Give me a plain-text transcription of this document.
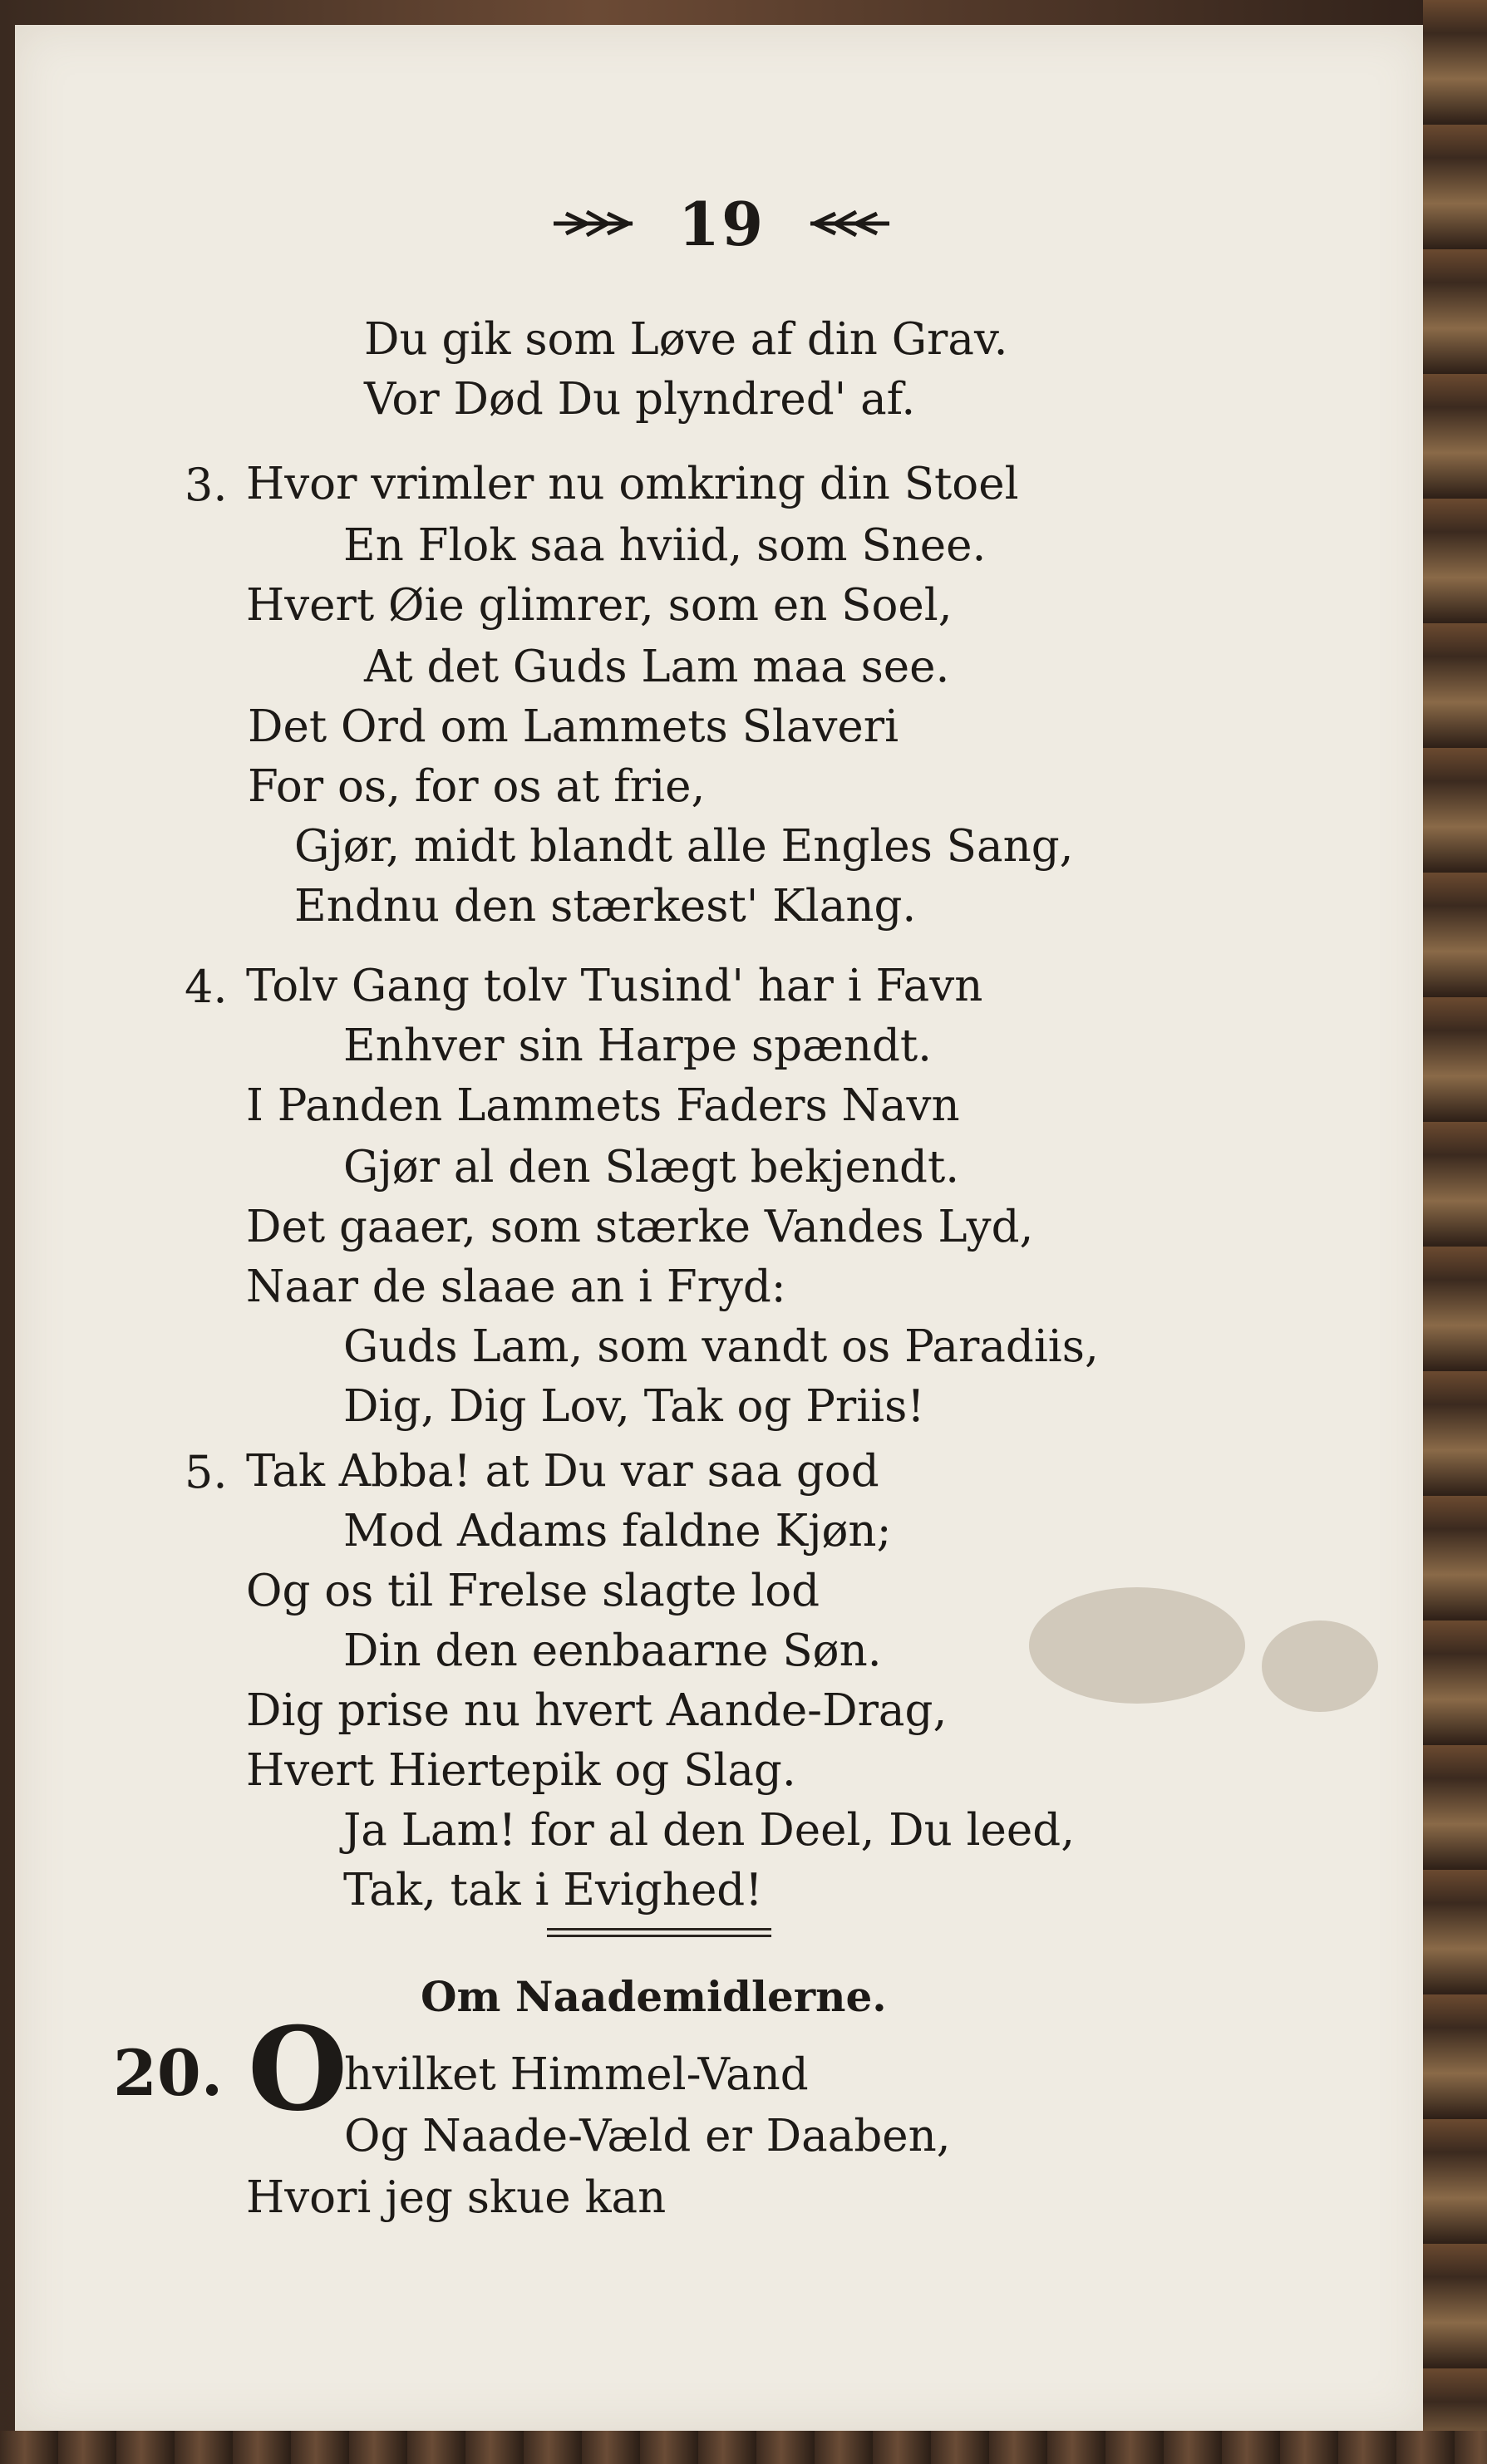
19
Du gik som Løve af din Grav.
Vor Død Du plyndred' af.
3. Hvor vrimler nu omkring din Stoel
En Flok saa hviid, som Snee.
Hvert Øie glimrer, som en Soel,
At det Guds Lam maa see.
Det Ord om Lammets Slaveri
For os, for os at frie,
Gjør, midt blandt alle Engles Sang,
Endnu den stærkest' Klang.
4. Tolv Gang tolv Tusind' har i Favn
Enhver sin Harpe spændt.
I Panden Lammets Faders Navn
Gjør al den Slægt bekjendt.
Det gaaer, som stærke Vandes Lyd,
Naar de slaae an i Fryd:
Guds Lam, som vandt os Paradiis,
Dig, Dig Lov, Tak og Priis!
5. Tak Abba! at Du var saa god
Mod Adams faldne Kjøn;
Og os til Frelse slagte lod
Din den eenbaarne Søn.
Dig prise nu hvert Aande-Drag,
Hvert Hiertepik og Slag.
Ja Lam! for al den Deel, Du leed,
Tak, tak i Evighed!
Om Naademidlerne.
20. O
hvilket Himmel-Vand
Og Naade-Væld er Daaben,
Hvori jeg skue kan
